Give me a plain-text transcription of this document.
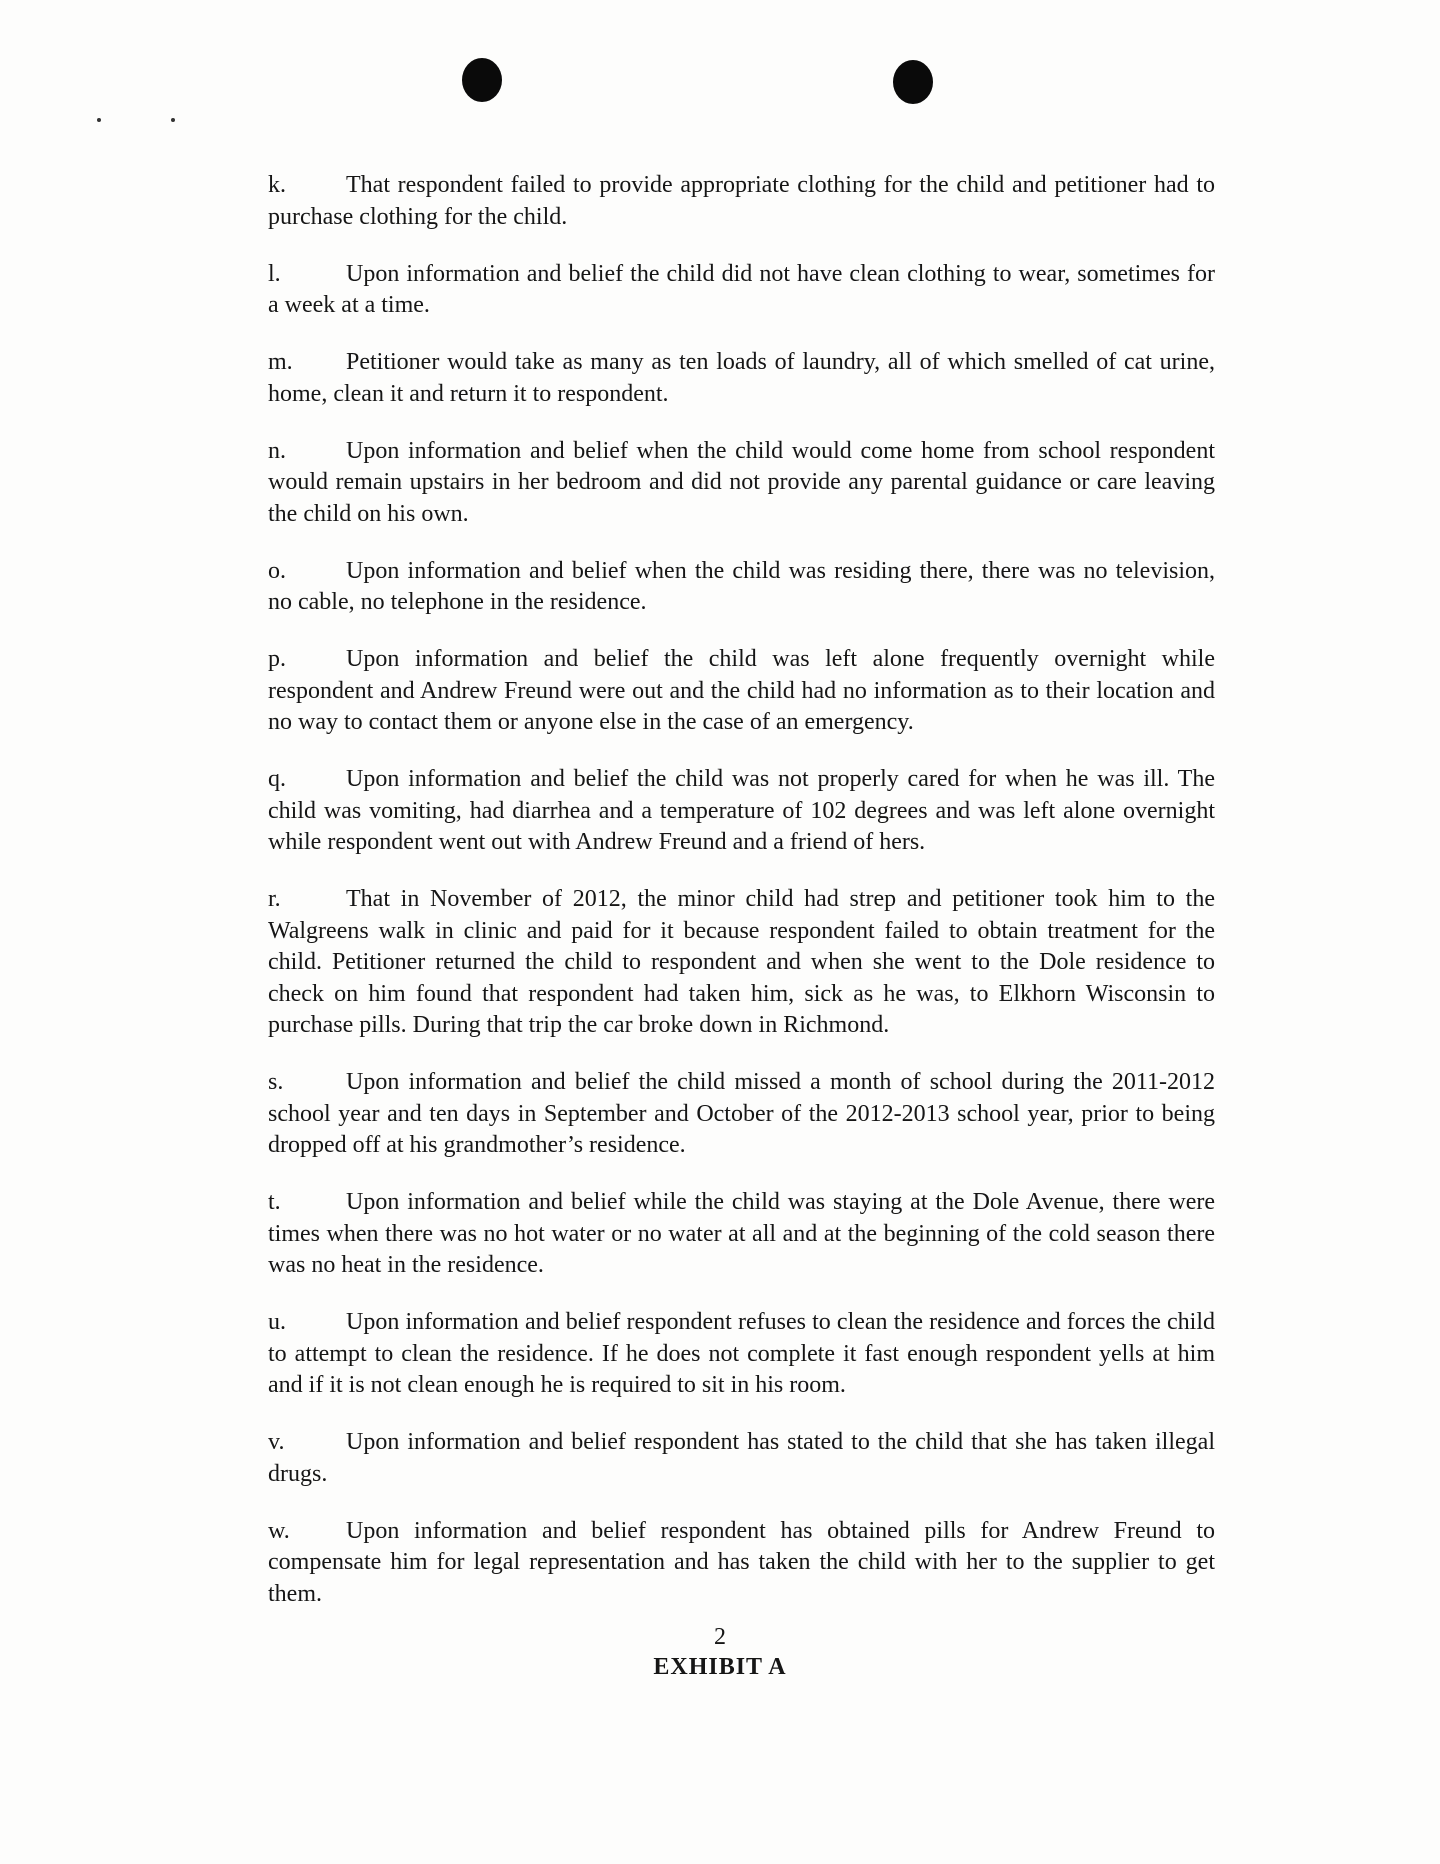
k.	That respondent failed to provide appropriate clothing for the child and petitioner had to purchase clothing for the child.

l.	Upon information and belief the child did not have clean clothing to wear, sometimes for a week at a time.

m. Petitioner would take as many as ten loads of laundry, all of which smelled of cat urine, home, clean it and return it to respondent.

n.	Upon information and belief when the child would come home from school respondent would remain upstairs in her bedroom and did not provide any parental guidance or care leaving the child on his own.

o.	Upon information and belief when the child was residing there, there was no television, no cable, no telephone in the residence.

p.	Upon information and belief the child was left alone frequently overnight while respondent and Andrew Freund were out and the child had no information as to their location and no way to contact them or anyone else in the case of an emergency.

q.	Upon information and belief the child was not properly cared for when he was ill. The child was vomiting, had diarrhea and a temperature of 102 degrees and was left alone overnight while respondent went out with Andrew Freund and a friend of hers.

r.	That in November of 2012, the minor child had strep and petitioner took him to the Walgreens walk in clinic and paid for it because respondent failed to obtain treatment for the child. Petitioner returned the child to respondent and when she went to the Dole residence to check on him found that respondent had taken him, sick as he was, to Elkhorn Wisconsin to purchase pills. During that trip the car broke down in Richmond.

s.	Upon information and belief the child missed a month of school during the 2011-2012 school year and ten days in September and October of the 2012-2013 school year, prior to being dropped off at his grandmother’s residence.

t.	Upon information and belief while the child was staying at the Dole Avenue, there were times when there was no hot water or no water at all and at the beginning of the cold season there was no heat in the residence.

u.	Upon information and belief respondent refuses to clean the residence and forces the child to attempt to clean the residence. If he does not complete it fast enough respondent yells at him and if it is not clean enough he is required to sit in his room.

v.	Upon information and belief respondent has stated to the child that she has taken illegal drugs.

w. Upon information and belief respondent has obtained pills for Andrew Freund to compensate him for legal representation and has taken the child with her to the supplier to get them.

2
EXHIBIT A
